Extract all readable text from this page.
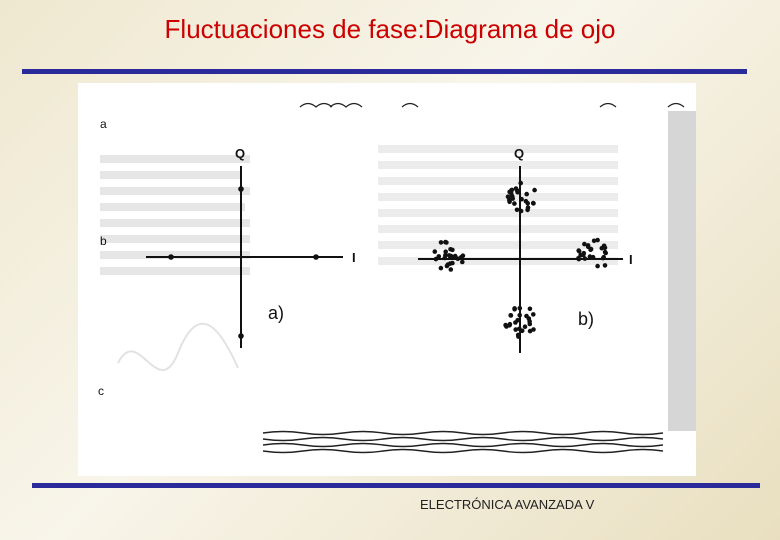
Fluctuaciones de fase:Diagrama de ojo
a
b
c
Q
I
a)
Q
I
b)
ELECTRÓNICA AVANZADA V
